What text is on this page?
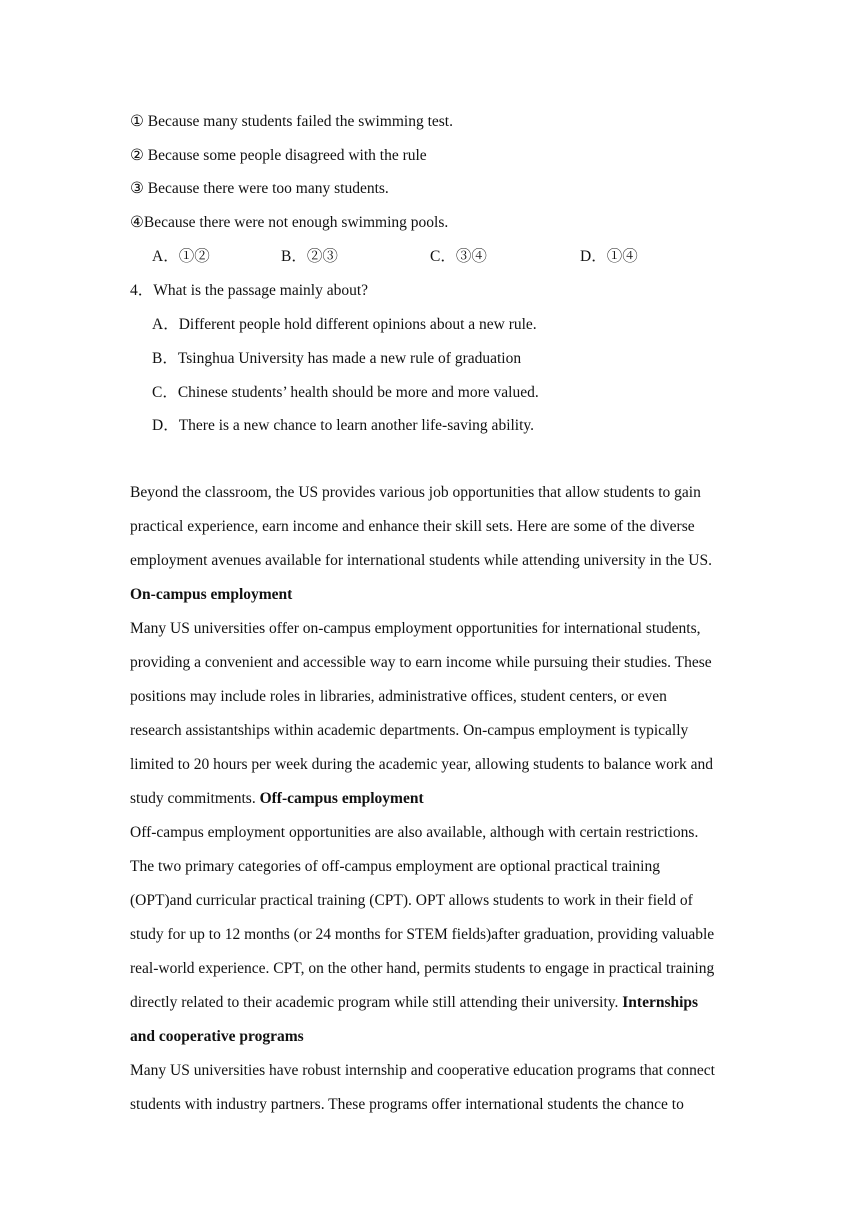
① Because many students failed the swimming test.
② Because some people disagreed with the rule
③ Because there were too many students.
④Because there were not enough swimming pools.
A．①②	B．②③	C．③④	D．①④
4．What is the passage mainly about?
A．Different people hold different opinions about a new rule.
B．Tsinghua University has made a new rule of graduation
C．Chinese students’ health should be more and more valued.
D．There is a new chance to learn another life-saving ability.
Beyond the classroom, the US provides various job opportunities that allow students to gain
practical experience, earn income and enhance their skill sets. Here are some of the diverse
employment avenues available for international students while attending university in the US.
On-campus employment
Many US universities offer on-campus employment opportunities for international students,
providing a convenient and accessible way to earn income while pursuing their studies. These
positions may include roles in libraries, administrative offices, student centers, or even
research assistantships within academic departments. On-campus employment is typically
limited to 20 hours per week during the academic year, allowing students to balance work and
study commitments. Off-campus employment
Off-campus employment opportunities are also available, although with certain restrictions.
The two primary categories of off-campus employment are optional practical training
(OPT)and curricular practical training (CPT). OPT allows students to work in their field of
study for up to 12 months (or 24 months for STEM fields)after graduation, providing valuable
real-world experience. CPT, on the other hand, permits students to engage in practical training
directly related to their academic program while still attending their university. Internships
and cooperative programs
Many US universities have robust internship and cooperative education programs that connect
students with industry partners. These programs offer international students the chance to
